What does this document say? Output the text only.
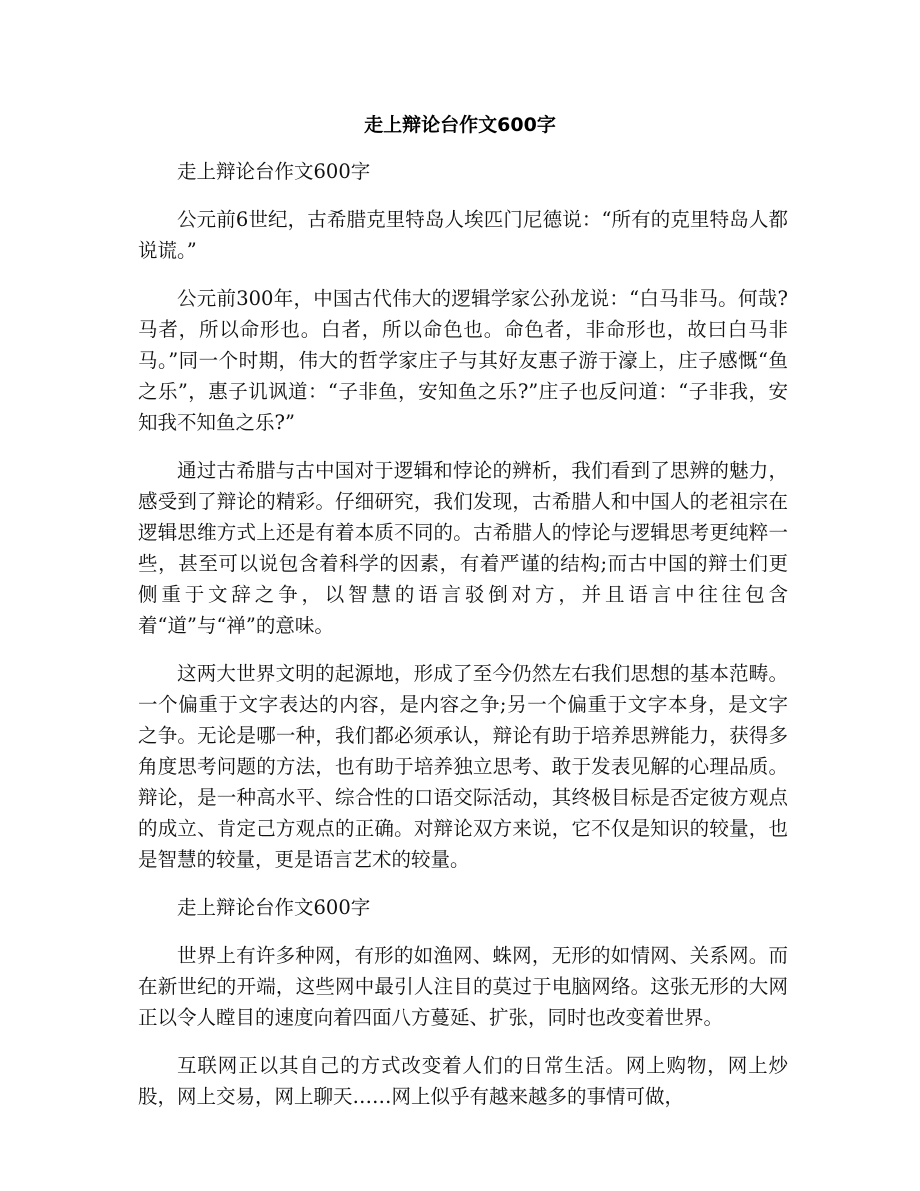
走上辩论台作文600字

走上辩论台作文600字

公元前6世纪，古希腊克里特岛人埃匹门尼德说：“所有的克里特岛人都说谎。”

公元前300年，中国古代伟大的逻辑学家公孙龙说：“白马非马。何哉?马者，所以命形也。白者，所以命色也。命色者，非命形也，故曰白马非马。”同一个时期，伟大的哲学家庄子与其好友惠子游于濠上，庄子感慨“鱼之乐”，惠子讥讽道：“子非鱼，安知鱼之乐?”庄子也反问道：“子非我，安知我不知鱼之乐?”

通过古希腊与古中国对于逻辑和悖论的辨析，我们看到了思辨的魅力，感受到了辩论的精彩。仔细研究，我们发现，古希腊人和中国人的老祖宗在逻辑思维方式上还是有着本质不同的。古希腊人的悖论与逻辑思考更纯粹一些，甚至可以说包含着科学的因素，有着严谨的结构;而古中国的辩士们更侧重于文辞之争，以智慧的语言驳倒对方，并且语言中往往包含着“道”与“禅”的意味。

这两大世界文明的起源地，形成了至今仍然左右我们思想的基本范畴。一个偏重于文字表达的内容，是内容之争;另一个偏重于文字本身，是文字之争。无论是哪一种，我们都必须承认，辩论有助于培养思辨能力，获得多角度思考问题的方法，也有助于培养独立思考、敢于发表见解的心理品质。辩论，是一种高水平、综合性的口语交际活动，其终极目标是否定彼方观点的成立、肯定己方观点的正确。对辩论双方来说，它不仅是知识的较量，也是智慧的较量，更是语言艺术的较量。

走上辩论台作文600字

世界上有许多种网，有形的如渔网、蛛网，无形的如情网、关系网。而在新世纪的开端，这些网中最引人注目的莫过于电脑网络。这张无形的大网正以令人瞠目的速度向着四面八方蔓延、扩张，同时也改变着世界。

互联网正以其自己的方式改变着人们的日常生活。网上购物，网上炒股，网上交易，网上聊天……网上似乎有越来越多的事情可做，
